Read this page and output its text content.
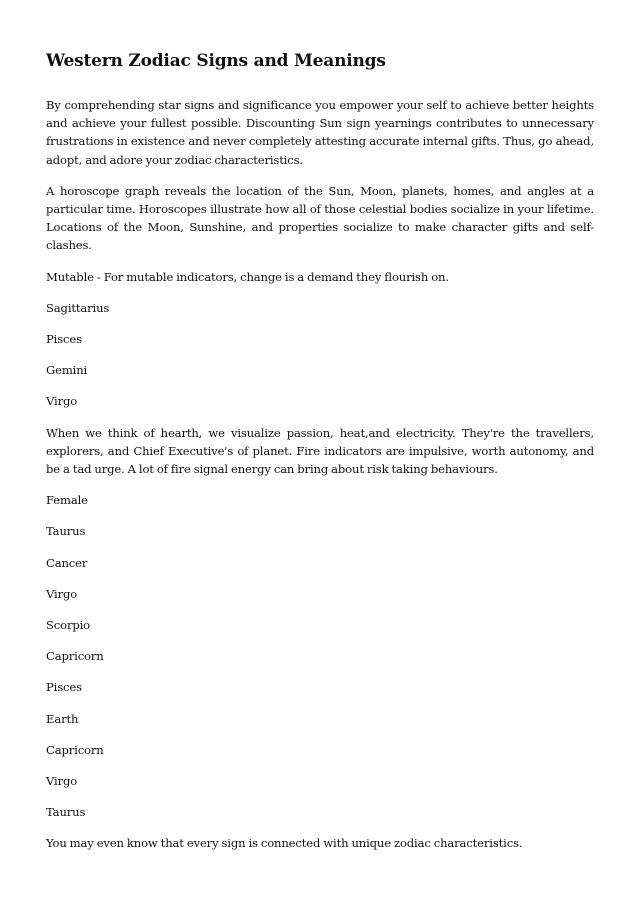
Western Zodiac Signs and Meanings

By comprehending star signs and significance you empower your self to achieve better heights and achieve your fullest possible. Discounting Sun sign yearnings contributes to unnecessary frustrations in existence and never completely attesting accurate internal gifts. Thus, go ahead, adopt, and adore your zodiac characteristics.

A horoscope graph reveals the location of the Sun, Moon, planets, homes, and angles at a particular time. Horoscopes illustrate how all of those celestial bodies socialize in your lifetime. Locations of the Moon, Sunshine, and properties socialize to make character gifts and self-clashes.

Mutable - For mutable indicators, change is a demand they flourish on.

Sagittarius

Pisces

Gemini

Virgo

When we think of hearth, we visualize passion, heat,and electricity. They're the travellers, explorers, and Chief Executive's of planet. Fire indicators are impulsive, worth autonomy, and be a tad urge. A lot of fire signal energy can bring about risk taking behaviours.

Female

Taurus

Cancer

Virgo

Scorpio

Capricorn

Pisces

Earth

Capricorn

Virgo

Taurus

You may even know that every sign is connected with unique zodiac characteristics.
